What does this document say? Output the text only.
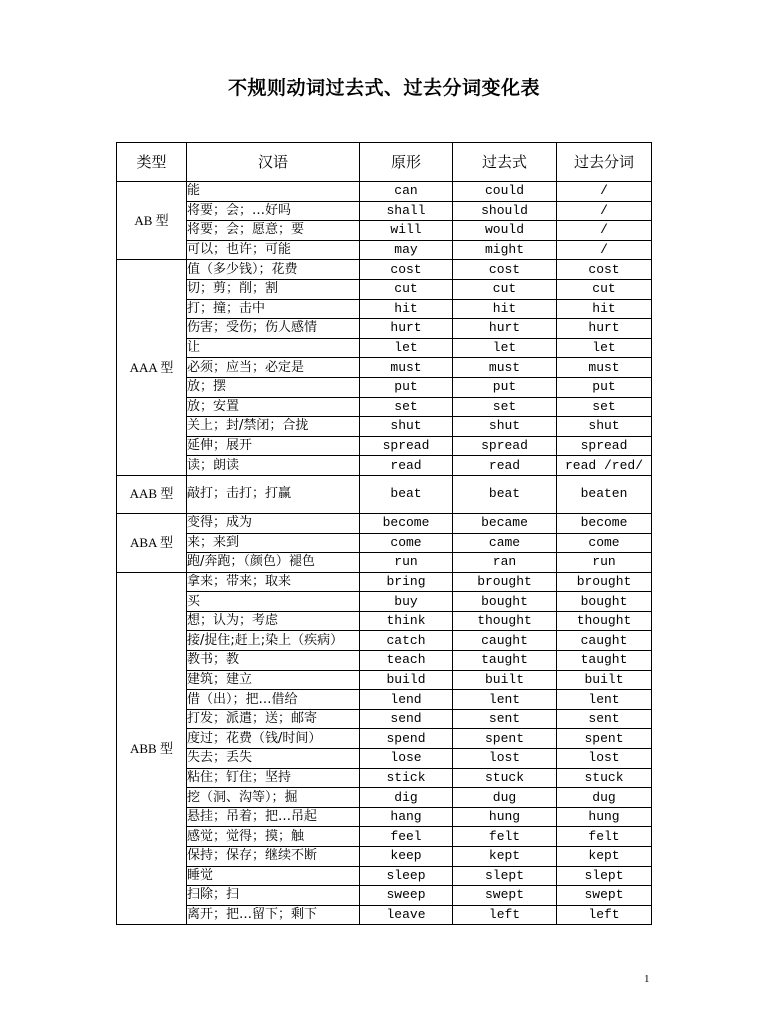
不规则动词过去式、过去分词变化表
类型	汉语	原形	过去式	过去分词
AB 型	能	can	could	/
	将要；会；…好吗	shall	should	/
	将要；会；愿意；要	will	would	/
	可以；也许；可能	may	might	/
AAA 型	值（多少钱）；花费	cost	cost	cost
	切；剪；削；割	cut	cut	cut
	打；撞；击中	hit	hit	hit
	伤害；受伤；伤人感情	hurt	hurt	hurt
	让	let	let	let
	必须；应当；必定是	must	must	must
	放；摆	put	put	put
	放；安置	set	set	set
	关上；封/禁闭；合拢	shut	shut	shut
	延伸；展开	spread	spread	spread
	读；朗读	read	read	read /red/
AAB 型	敲打；击打；打赢	beat	beat	beaten
ABA 型	变得；成为	become	became	become
	来；来到	come	came	come
	跑/奔跑；（颜色）褪色	run	ran	run
ABB 型	拿来；带来；取来	bring	brought	brought
	买	buy	bought	bought
	想；认为；考虑	think	thought	thought
	接/捉住;赶上;染上（疾病）	catch	caught	caught
	教书；教	teach	taught	taught
	建筑；建立	build	built	built
	借（出）；把…借给	lend	lent	lent
	打发；派遣；送；邮寄	send	sent	sent
	度过；花费（钱/时间）	spend	spent	spent
	失去；丢失	lose	lost	lost
	粘住；钉住；坚持	stick	stuck	stuck
	挖（洞、沟等）；掘	dig	dug	dug
	悬挂；吊着；把…吊起	hang	hung	hung
	感觉；觉得；摸；触	feel	felt	felt
	保持；保存；继续不断	keep	kept	kept
	睡觉	sleep	slept	slept
	扫除；扫	sweep	swept	swept
	离开；把…留下；剩下	leave	left	left
1
